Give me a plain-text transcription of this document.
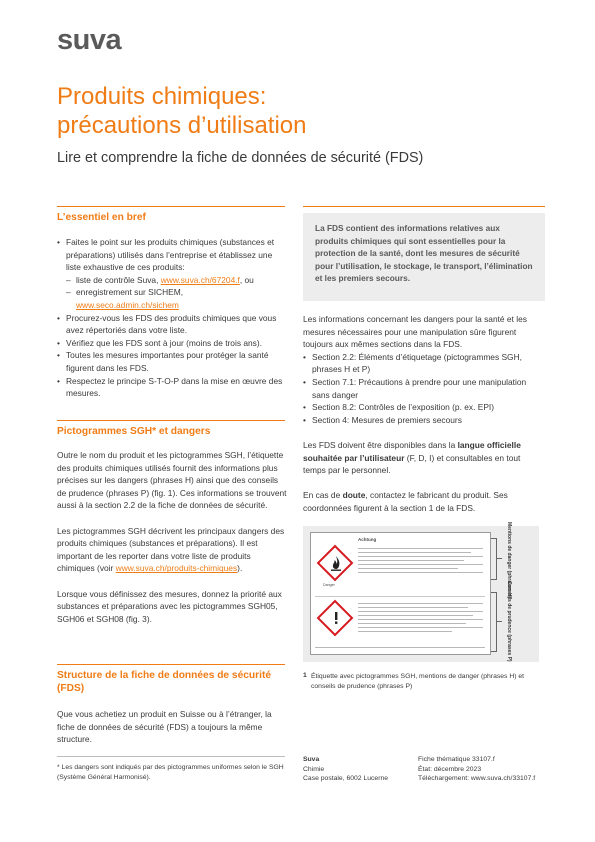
suva
Produits chimiques:
précautions d’utilisation
Lire et comprendre la fiche de données de sécurité (FDS)
L’essentiel en bref
• Faites le point sur les produits chimiques (substances et préparations) utilisés dans l’entreprise et établissez une liste exhaustive de ces produits:
– liste de contrôle Suva, www.suva.ch/67204.f, ou
– enregistrement sur SICHEM,
www.seco.admin.ch/sichem
• Procurez-vous les FDS des produits chimiques que vous avez répertoriés dans votre liste.
• Vérifiez que les FDS sont à jour (moins de trois ans).
• Toutes les mesures importantes pour protéger la santé figurent dans les FDS.
• Respectez le principe S-T-O-P dans la mise en œuvre des mesures.
Pictogrammes SGH* et dangers

Outre le nom du produit et les pictogrammes SGH, l’étiquette des produits chimiques utilisés fournit des informations plus précises sur les dangers (phrases H) ainsi que des conseils de prudence (phrases P) (fig. 1). Ces informations se trouvent aussi à la section 2.2 de la fiche de données de sécurité.

Les pictogrammes SGH décrivent les principaux dangers des produits chimiques (substances et préparations). Il est important de les reporter dans votre liste de produits chimiques (voir www.suva.ch/produits-chimiques).

Lorsque vous définissez des mesures, donnez la priorité aux substances et préparations avec les pictogrammes SGH05, SGH06 et SGH08 (fig. 3).

Structure de la fiche de données de sécurité (FDS)
Que vous achetiez un produit en Suisse ou à l’étranger, la fiche de données de sécurité (FDS) a toujours la même structure.
* Les dangers sont indiqués par des pictogrammes uniformes selon le SGH (Système Général Harmonisé).
La FDS contient des informations relatives aux produits chimiques qui sont essentielles pour la protection de la santé, dont les mesures de sécurité pour l’utilisation, le stockage, le transport, l’élimination et les premiers secours.

Les informations concernant les dangers pour la santé et les mesures nécessaires pour une manipulation sûre figurent toujours aux mêmes sections dans la FDS.

• Section 2.2: Éléments d’étiquetage (pictogrammes SGH, phrases H et P)
• Section 7.1: Précautions à prendre pour une manipulation sans danger
• Section 8.2: Contrôles de l’exposition (p. ex. EPI)
• Section 4: Mesures de premiers secours

Les FDS doivent être disponibles dans la langue officielle souhaitée par l’utilisateur (F, D, I) et consultables en tout temps par le personnel.

En cas de doute, contactez le fabricant du produit. Ses coordonnées figurent à la section 1 de la FDS.

Achtung
Danger	Mentions de danger (phrases H)
Conseils de prudence (phrases P)
1 Étiquette avec pictogrammes SGH, mentions de danger (phrases H) et conseils de prudence (phrases P)
Suva
Chimie
Case postale, 6002 Lucerne
Fiche thématique 33107.f
État: décembre 2023
Téléchargement: www.suva.ch/33107.f
